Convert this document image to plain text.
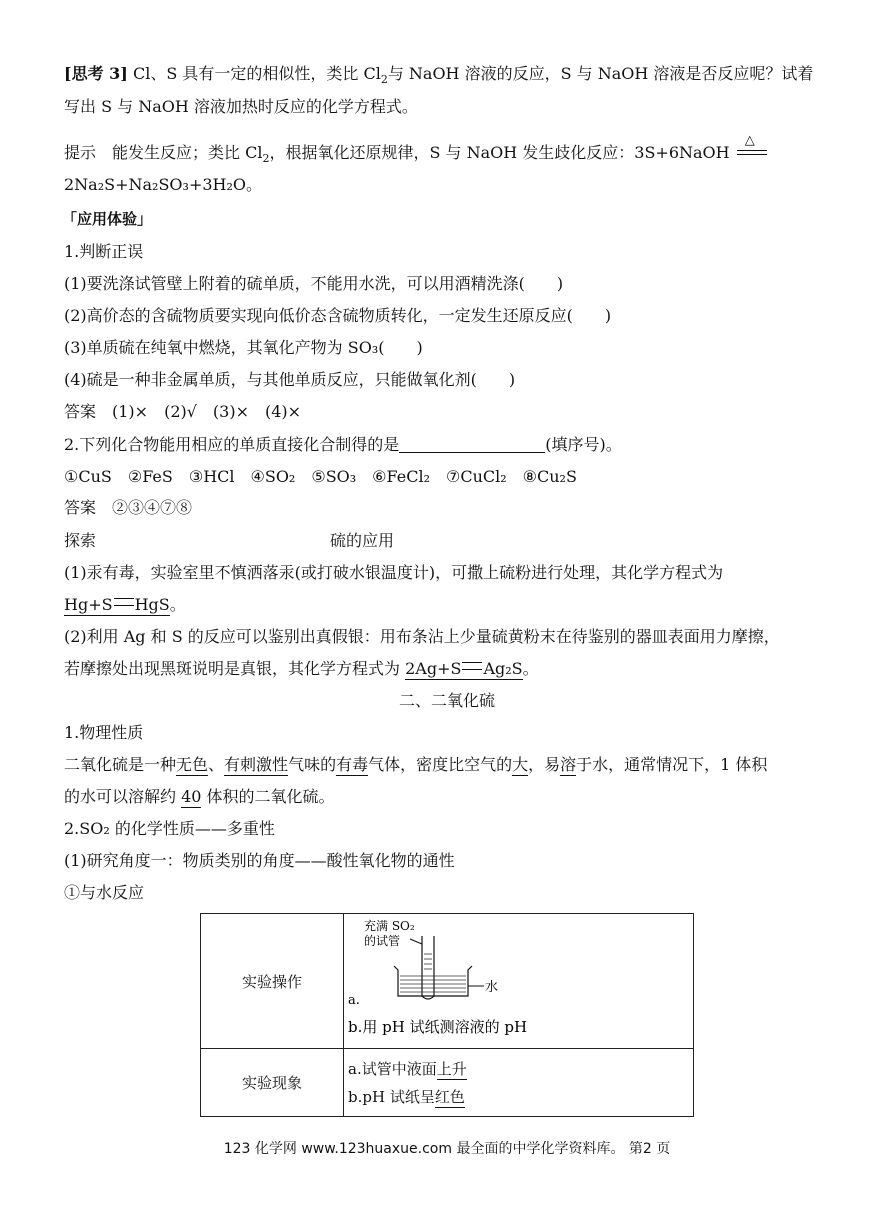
[思考 3] Cl、S 具有一定的相似性，类比 $Cl_2$与 NaOH 溶液的反应，S 与 NaOH 溶液是否反应呢？试着
写出 S 与 NaOH 溶液加热时反应的化学方程式。
提示　能发生反应；类比 $Cl_2$，根据氧化还原规律，S 与 NaOH 发生歧化反应：3S+6NaOH
△
2Na₂S+Na₂SO₃+3H₂O。
「应用体验」
1.判断正误
(1)要洗涤试管壁上附着的硫单质，不能用水洗，可以用酒精洗涤(　　)
(2)高价态的含硫物质要实现向低价态含硫物质转化，一定发生还原反应(　　)
(3)单质硫在纯氧中燃烧，其氧化产物为 SO₃(　　)
(4)硫是一种非金属单质，与其他单质反应，只能做氧化剂(　　)
答案　(1)×　(2)√　(3)×　(4)×
2.下列化合物能用相应的单质直接化合制得的是	(填序号)。
①CuS　②FeS　③HCl　④SO₂　⑤SO₃　⑥FeCl₂　⑦CuCl₂　⑧Cu₂S
答案　②③④⑦⑧
探索	硫的应用
(1)汞有毒，实验室里不慎洒落汞(或打破水银温度计)，可撒上硫粉进行处理，其化学方程式为
Hg+S HgS。
(2)利用 Ag 和 S 的反应可以鉴别出真假银：用布条沾上少量硫黄粉末在待鉴别的器皿表面用力摩擦，
若摩擦处出现黑斑说明是真银，其化学方程式为 2Ag+S Ag₂S。
二、二氧化硫
1.物理性质
二氧化硫是一种无色、有刺激性气味的有毒气体，密度比空气的大，易溶于水，通常情况下，1 体积
的水可以溶解约 40 体积的二氧化硫。
2.SO₂ 的化学性质——多重性
(1)研究角度一：物质类别的角度——酸性氧化物的通性
①与水反应
实验操作	充满 SO₂
的试管
水
a.
b.用 pH 试纸测溶液的 pH

实验现象	a.试管中液面上升
b.pH 试纸呈红色
123 化学网 www.123huaxue.com 最全面的中学化学资料库。 第2 页
